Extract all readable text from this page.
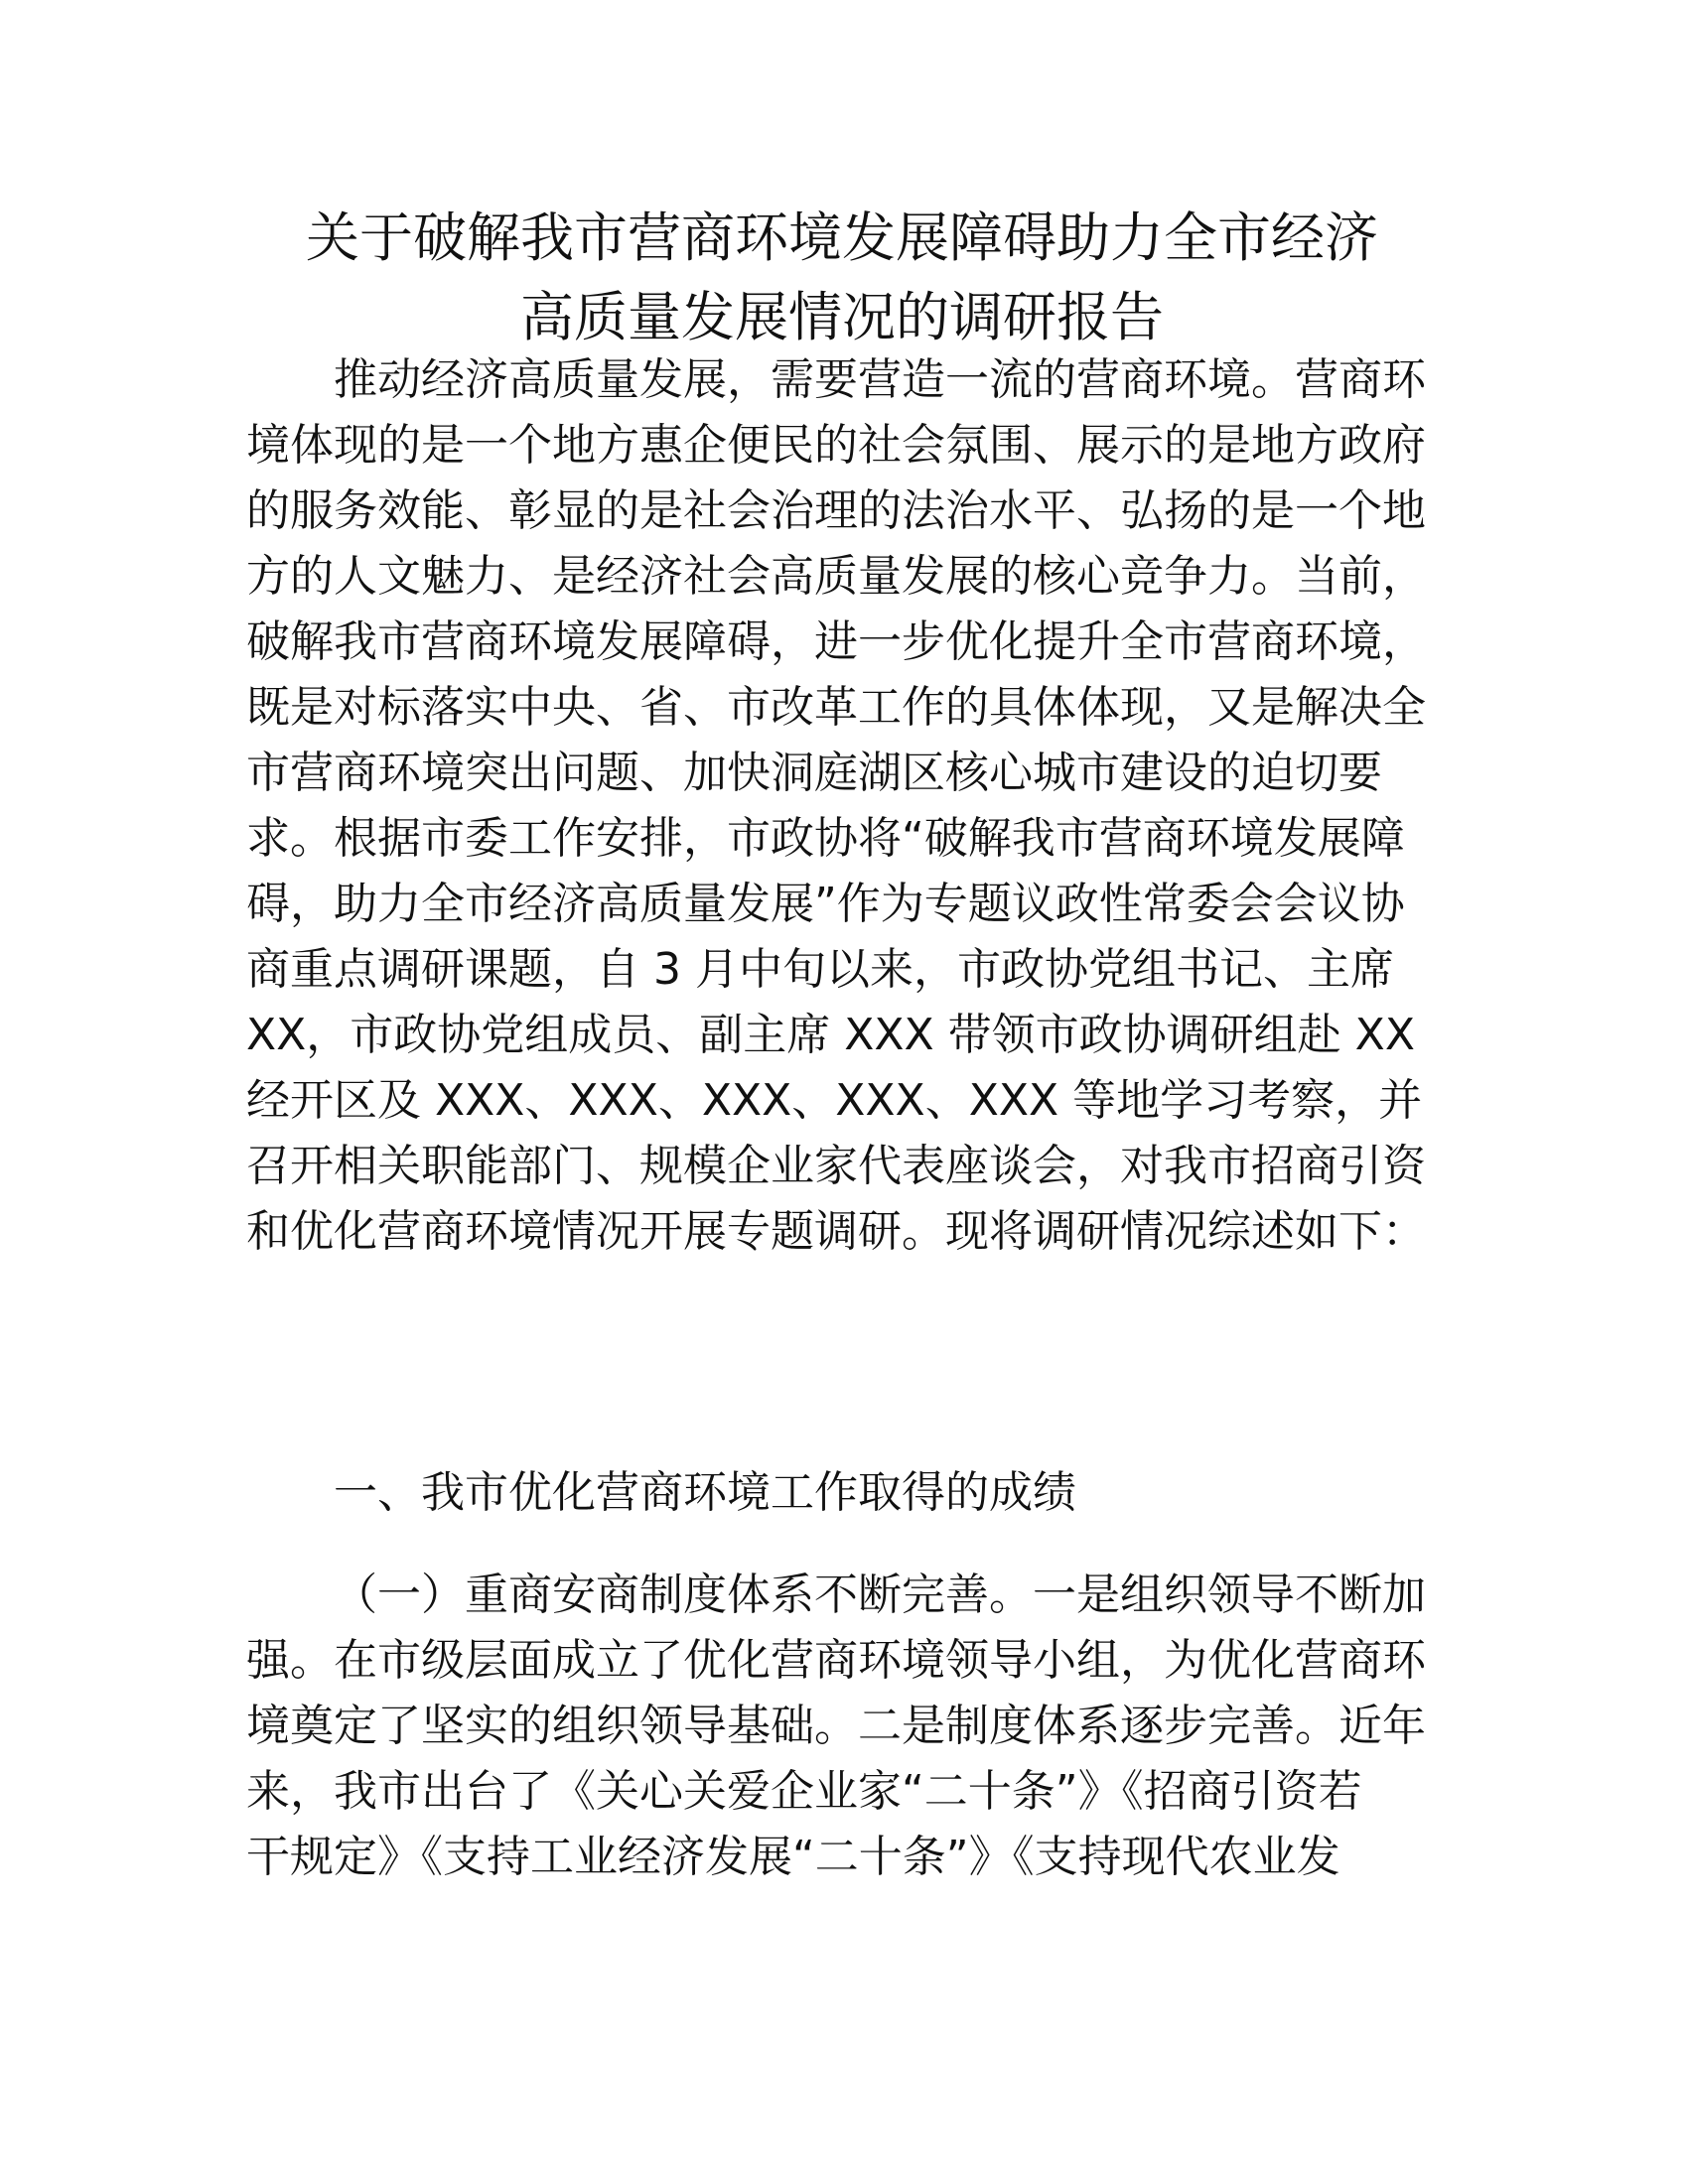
关于破解我市营商环境发展障碍助力全市经济
高质量发展情况的调研报告
推动经济高质量发展，需要营造一流的营商环境。营商环
境体现的是一个地方惠企便民的社会氛围、展示的是地方政府
的服务效能、彰显的是社会治理的法治水平、弘扬的是一个地
方的人文魅力、是经济社会高质量发展的核心竞争力。当前，
破解我市营商环境发展障碍，进一步优化提升全市营商环境，
既是对标落实中央、省、市改革工作的具体体现，又是解决全
市营商环境突出问题、加快洞庭湖区核心城市建设的迫切要
求。根据市委工作安排，市政协将“破解我市营商环境发展障
碍，助力全市经济高质量发展”作为专题议政性常委会会议协
商重点调研课题，自 3 月中旬以来，市政协党组书记、主席
XX，市政协党组成员、副主席 XXX 带领市政协调研组赴 XX
经开区及 XXX、XXX、XXX、XXX、XXX 等地学习考察，并
召开相关职能部门、规模企业家代表座谈会，对我市招商引资
和优化营商环境情况开展专题调研。现将调研情况综述如下：
一、我市优化营商环境工作取得的成绩
（一）重商安商制度体系不断完善。一是组织领导不断加
强。在市级层面成立了优化营商环境领导小组，为优化营商环
境奠定了坚实的组织领导基础。二是制度体系逐步完善。近年
来，我市出台了《关心关爱企业家“二十条”》《招商引资若
干规定》《支持工业经济发展“二十条”》《支持现代农业发
